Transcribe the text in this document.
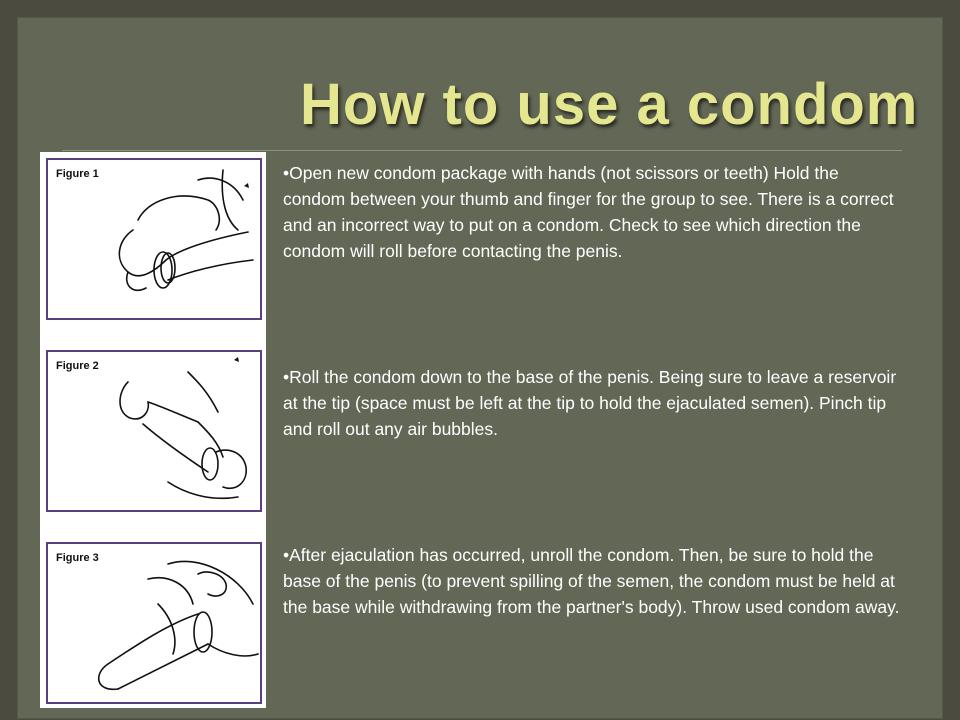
How to use a condom
Figure 1
Figure 2
Figure 3

•Open new condom package with hands (not scissors or teeth) Hold the condom between your thumb and finger for the group to see. There is a correct and an incorrect way to put on a condom. Check to see which direction the condom will roll before contacting the penis.

•Roll the condom down to the base of the penis. Being sure to leave a reservoir at the tip (space must be left at the tip to hold the ejaculated semen). Pinch tip and roll out any air bubbles.

•After ejaculation has occurred, unroll the condom. Then, be sure to hold the base of the penis (to prevent spilling of the semen, the condom must be held at the base while withdrawing from the partner's body). Throw used condom away.
